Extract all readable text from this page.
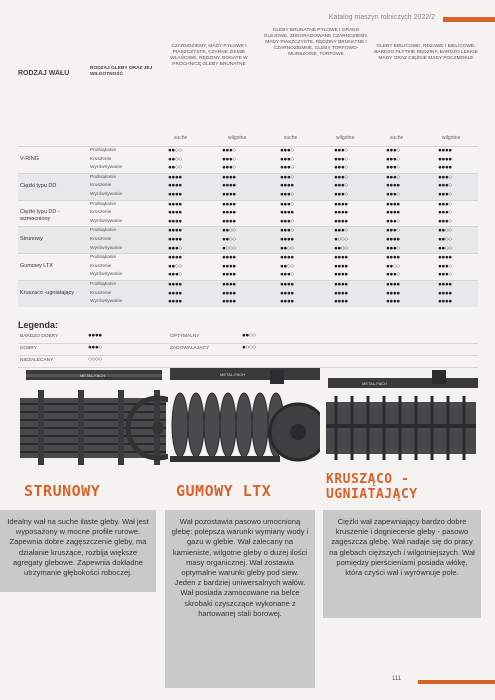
Katalog maszyn rolniczych 2022/2
RODZAJ WAŁU
RODZAJ GLEBY ORAZ JEJ WILGOTNOŚĆ
CZARNOZIEMY, MADY PYŁOWE I PIASZCZYSTE, CZARNE ZIEMIE WŁAŚCIWE, RĘDZINY, BOGATE W PRÓCHNICĘ GLEBY BRUNATNE
GLEBY BRUNATNE PYŁOWE I GRANO GLEJOWE, ZDEGRADOWANE CZARNOZIEMY, MADY PIASZCZYSTE, RĘDZINY BRUNATNE I CZARNOZIEMNE, GLEBY TORFOWO-MURSZOWE, TORFOWE
GLEBY BIELICOWE, RDZAWE I BIELICOWE, BARDZO PŁYTKIE RĘDZINY, BARDZO LEKKIE MADY ORAZ CIĘŻKIE MADY POCZMOKLE
suche	wilgotne	suche	wilgotne	suche	wilgotne
V-RING
Podsiąkanie	●●○○	●●●○	●●●○	●●●○	●●●○	●●●●
Kruszenie	●●○○	●●●○	●●●○	●●●○	●●●○	●●●●
Wyrównywanie	●●○○	●●●○	●●●○	●●●○	●●●○	●●●●
Ciężki typu DD
Podsiąkanie	●●●●	●●●●	●●●○	●●●○	●●●○	●●●○
Kruszenie	●●●●	●●●●	●●●●	●●●○	●●●●	●●●○
Wyrównywanie	●●●●	●●●●	●●●○	●●●○	●●●○	●●●○
Ciężki typu DD - wzmocniony
Podsiąkanie	●●●●	●●●●	●●●○	●●●●	●●●●	●●●○
Kruszenie	●●●●	●●●●	●●●●	●●●●	●●●●	●●●○
Wyrównywanie	●●●●	●●●●	●●●○	●●●●	●●●○	●●●○
Strunowy
Podsiąkanie	●●●●	●●○○	●●●○	●●●○	●●●○	●●○○
Kruszenie	●●●●	●●○○	●●●●	●○○○	●●●●	●●○○
Wyrównywanie	●●●○	●○○○	●●○○	●●○○	●●●○	●●○○
Gumowy LTX
Podsiąkanie	●●●●	●●●●	●●●●	●●●●	●●●●	●●●●
Kruszenie	●●○○	●●●●	●●○○	●●●●	●●○○	●●●○
Wyrównywanie	●●●○	●●●●	●●●○	●●●●	●●●○	●●●○
Kruszaco -ugniatający
Podsiąkanie	●●●●	●●●●	●●●●	●●●●	●●●●	●●●●
Kruszenie	●●●●	●●●●	●●●●	●●●●	●●●●	●●●●
Wyrównywanie	●●●●	●●●●	●●●●	●●●●	●●●●	●●●●
Legenda:
BARDZO DOBRY	●●●●	OPTYMALNY	●●○○
DOBRY	●●●○	ZADOWALAJĄCY	●○○○
NIEZALECANY	○○○○
METAL-FACH	METAL-FACH
METAL-FACH
STRUNOWY	GUMOWY LTX
KRUSZĄCO -UGNIATAJĄCY
Idealny wał na suche ilaste gleby. Wał jest wyposażony w mocne profile rurowe. Zapewnia dobre zagęszczenie gleby, ma działanie kruszące, rozbija większe agregaty glebowe. Zapewnia dokładne utrzymanie głębokości roboczej.
Wał pozostawia pasowo umocnioną glebę: polepsza warunki wymiany wody i gazu w glebie. Wał zalecany na kamieniste, wilgotne gleby o dużej ilości masy organicznej. Wał zostawia optymalne warunki gleby pod siew. Jeden z bardziej uniwersalnych wałów. Wał posiada zamocowane na belce skrobaki czyszczące wykonane z hartowanej stali borowej.
Ciężki wał zapewniający bardzo dobre kruszenie i dognieceniе gleby - pasowo zagęszcza glebę. Wał nadaje się do pracy na glebach cięższych i wilgotniejszych. Wał pomiędzy pierścieniami posiada włókę, która czyści wał i wyrównuje pole.
111
